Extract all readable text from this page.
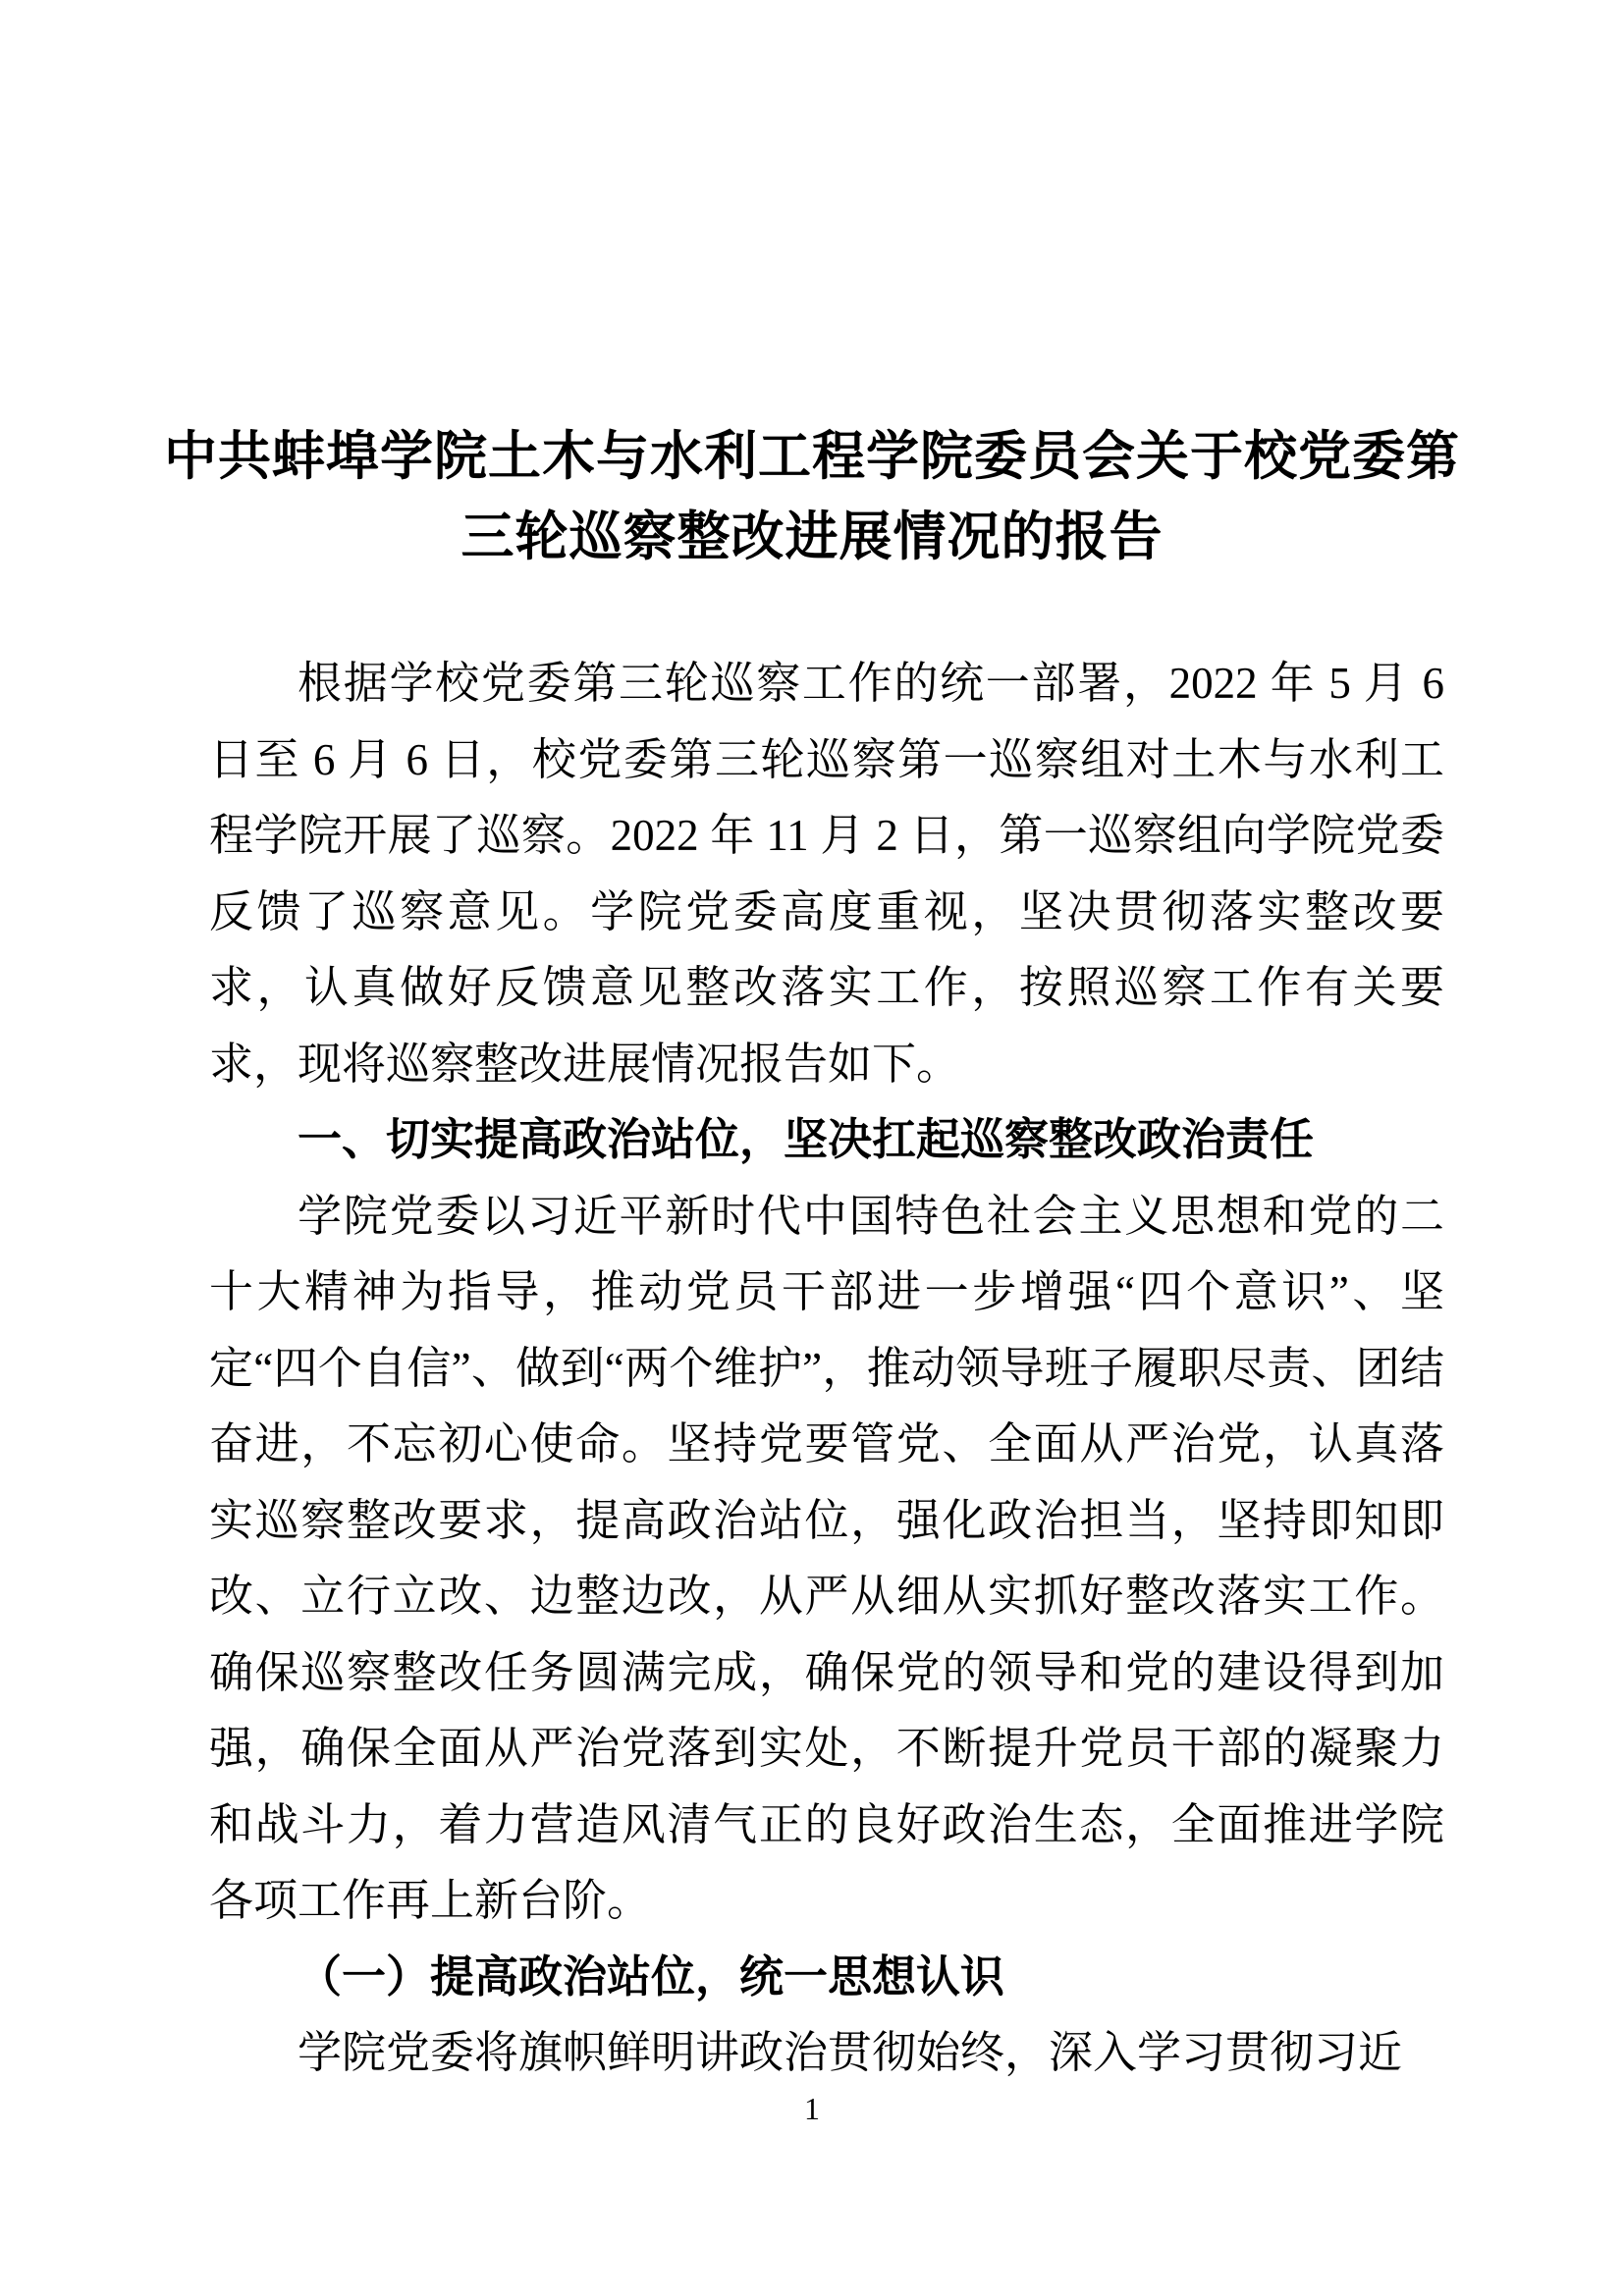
中共蚌埠学院土木与水利工程学院委员会关于校党委第三轮巡察整改进展情况的报告

根据学校党委第三轮巡察工作的统一部署，2022 年 5 月 6 日至 6 月 6 日，校党委第三轮巡察第一巡察组对土木与水利工程学院开展了巡察。2022 年 11 月 2 日，第一巡察组向学院党委反馈了巡察意见。学院党委高度重视，坚决贯彻落实整改要求，认真做好反馈意见整改落实工作，按照巡察工作有关要求，现将巡察整改进展情况报告如下。

一、切实提高政治站位，坚决扛起巡察整改政治责任

学院党委以习近平新时代中国特色社会主义思想和党的二十大精神为指导，推动党员干部进一步增强“四个意识”、坚定“四个自信”、做到“两个维护”，推动领导班子履职尽责、团结奋进，不忘初心使命。坚持党要管党、全面从严治党，认真落实巡察整改要求，提高政治站位，强化政治担当，坚持即知即改、立行立改、边整边改，从严从细从实抓好整改落实工作。确保巡察整改任务圆满完成，确保党的领导和党的建设得到加强，确保全面从严治党落到实处，不断提升党员干部的凝聚力和战斗力，着力营造风清气正的良好政治生态，全面推进学院各项工作再上新台阶。

（一）提高政治站位，统一思想认识

学院党委将旗帜鲜明讲政治贯彻始终，深入学习贯彻习近

1
